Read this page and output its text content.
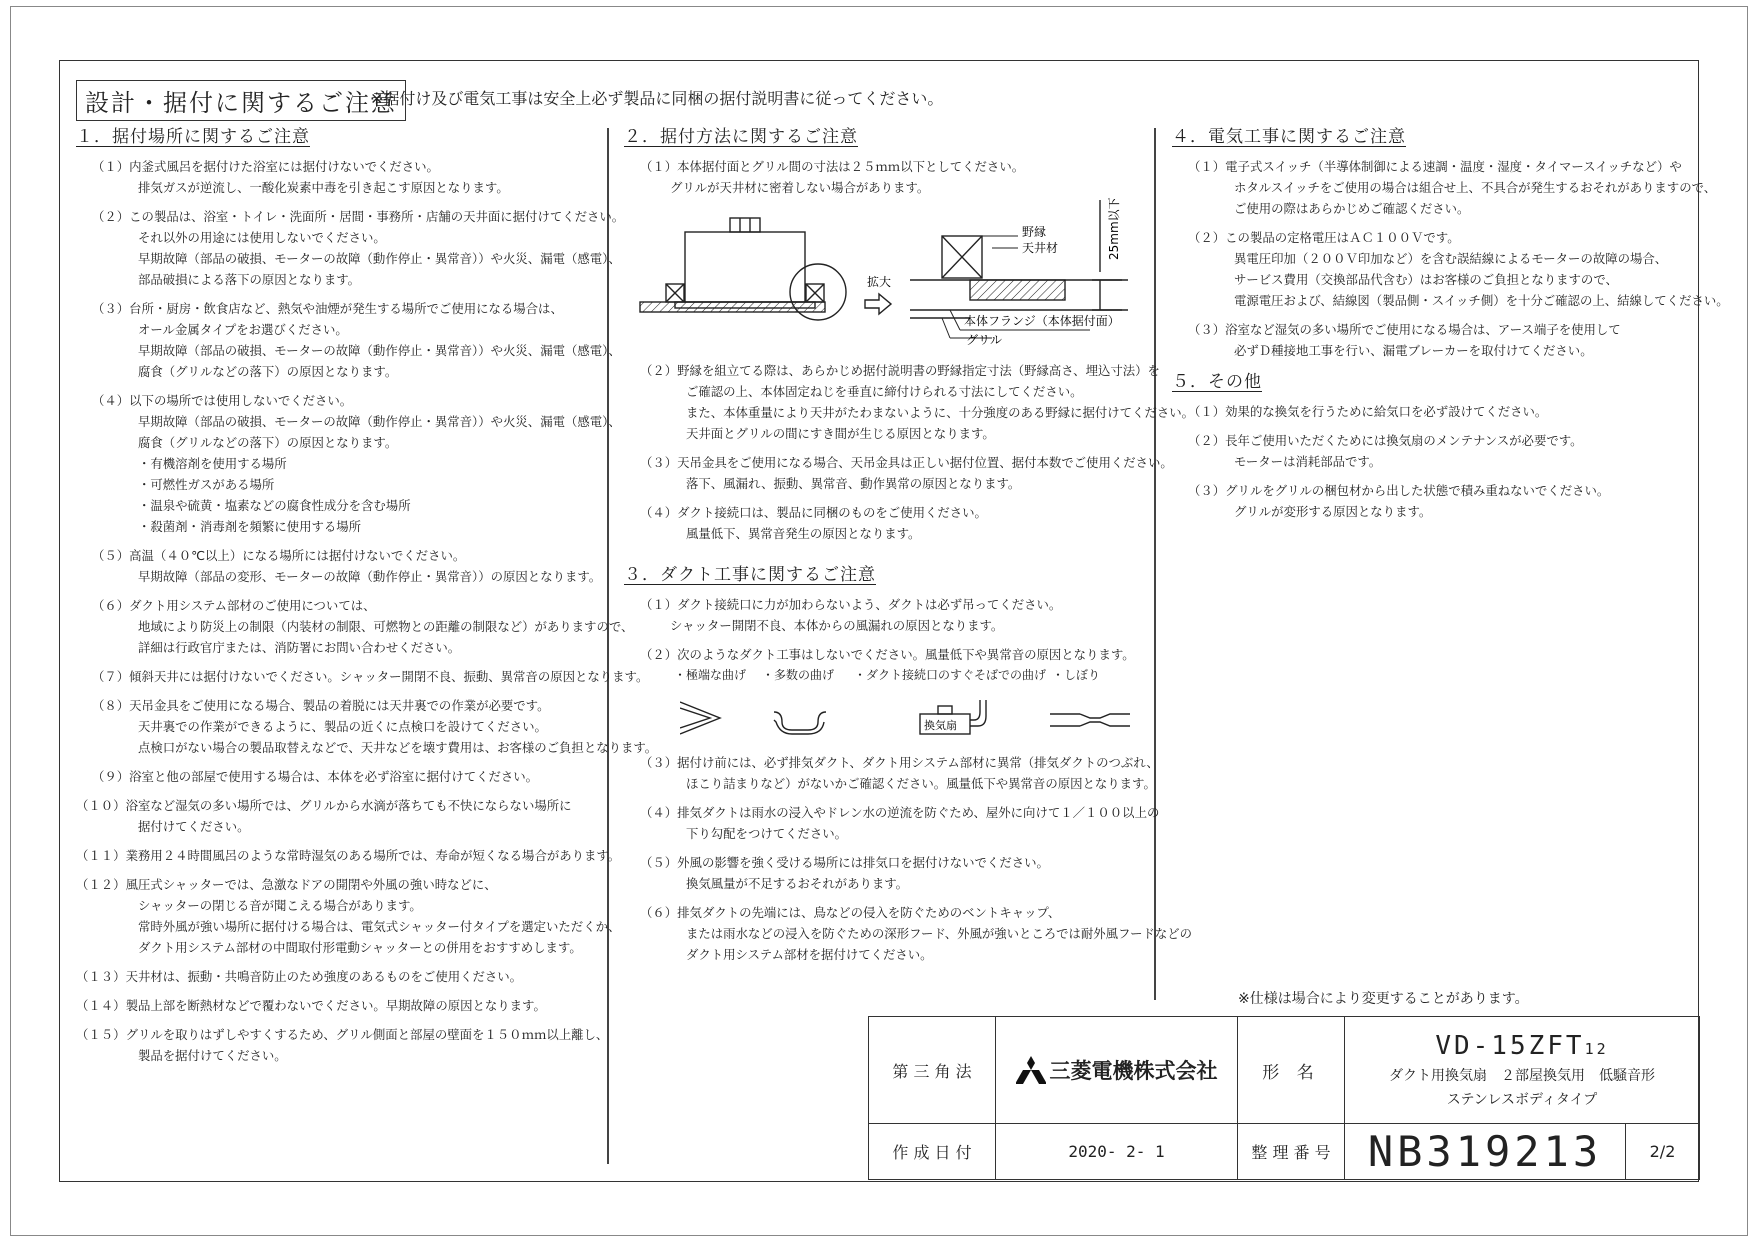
設計・据付に関するご注意
※据付け及び電気工事は安全上必ず製品に同梱の据付説明書に従ってください。
１．据付場所に関するご注意
（１）内釜式風呂を据付けた浴室には据付けないでください。
排気ガスが逆流し、一酸化炭素中毒を引き起こす原因となります。
（２）この製品は、浴室・トイレ・洗面所・居間・事務所・店舗の天井面に据付けてください。
それ以外の用途には使用しないでください。
早期故障（部品の破損、モーターの故障（動作停止・異常音））や火災、漏電（感電）、
部品破損による落下の原因となります。
（３）台所・厨房・飲食店など、熱気や油煙が発生する場所でご使用になる場合は、
オール金属タイプをお選びください。
早期故障（部品の破損、モーターの故障（動作停止・異常音））や火災、漏電（感電）、
腐食（グリルなどの落下）の原因となります。
（４）以下の場所では使用しないでください。
早期故障（部品の破損、モーターの故障（動作停止・異常音））や火災、漏電（感電）、
腐食（グリルなどの落下）の原因となります。
・有機溶剤を使用する場所
・可燃性ガスがある場所
・温泉や硫黄・塩素などの腐食性成分を含む場所
・殺菌剤・消毒剤を頻繁に使用する場所
（５）高温（４０℃以上）になる場所には据付けないでください。
早期故障（部品の変形、モーターの故障（動作停止・異常音））の原因となります。
（６）ダクト用システム部材のご使用については、
地域により防災上の制限（内装材の制限、可燃物との距離の制限など）がありますので、
詳細は行政官庁または、消防署にお問い合わせください。
（７）傾斜天井には据付けないでください。シャッター開閉不良、振動、異常音の原因となります。
（８）天吊金具をご使用になる場合、製品の着脱には天井裏での作業が必要です。
天井裏での作業ができるように、製品の近くに点検口を設けてください。
点検口がない場合の製品取替えなどで、天井などを壊す費用は、お客様のご負担となります。
（９）浴室と他の部屋で使用する場合は、本体を必ず浴室に据付けてください。
（１０）浴室など湿気の多い場所では、グリルから水滴が落ちても不快にならない場所に
据付けてください。
（１１）業務用２４時間風呂のような常時湿気のある場所では、寿命が短くなる場合があります。
（１２）風圧式シャッターでは、急激なドアの開閉や外風の強い時などに、
シャッターの閉じる音が聞こえる場合があります。
常時外風が強い場所に据付ける場合は、電気式シャッター付タイプを選定いただくか、
ダクト用システム部材の中間取付形電動シャッターとの併用をおすすめします。
（１３）天井材は、振動・共鳴音防止のため強度のあるものをご使用ください。
（１４）製品上部を断熱材などで覆わないでください。早期故障の原因となります。
（１５）グリルを取りはずしやすくするため、グリル側面と部屋の壁面を１５０ｍｍ以上離し、
製品を据付けてください。
２．据付方法に関するご注意
（１）本体据付面とグリル間の寸法は２５ｍｍ以下としてください。
グリルが天井材に密着しない場合があります。
拡大
野縁
天井材	25mm以下
本体フランジ（本体据付面）
グリル
（２）野縁を組立てる際は、あらかじめ据付説明書の野縁指定寸法（野縁高さ、埋込寸法）を
ご確認の上、本体固定ねじを垂直に締付けられる寸法にしてください。
また、本体重量により天井がたわまないように、十分強度のある野縁に据付けてください。
天井面とグリルの間にすき間が生じる原因となります。
（３）天吊金具をご使用になる場合、天吊金具は正しい据付位置、据付本数でご使用ください。
落下、風漏れ、振動、異常音、動作異常の原因となります。
（４）ダクト接続口は、製品に同梱のものをご使用ください。
風量低下、異常音発生の原因となります。
３．ダクト工事に関するご注意
（１）ダクト接続口に力が加わらないよう、ダクトは必ず吊ってください。
シャッター開閉不良、本体からの風漏れの原因となります。
（２）次のようなダクト工事はしないでください。風量低下や異常音の原因となります。
・極端な曲げ ・多数の曲げ ・ダクト接続口のすぐそばでの曲げ ・しぼり
換気扇
（３）据付け前には、必ず排気ダクト、ダクト用システム部材に異常（排気ダクトのつぶれ、
ほこり詰まりなど）がないかご確認ください。風量低下や異常音の原因となります。
（４）排気ダクトは雨水の浸入やドレン水の逆流を防ぐため、屋外に向けて１／１００以上の
下り勾配をつけてください。
（５）外風の影響を強く受ける場所には排気口を据付けないでください。
換気風量が不足するおそれがあります。
（６）排気ダクトの先端には、鳥などの侵入を防ぐためのベントキャップ、
または雨水などの浸入を防ぐための深形フード、外風が強いところでは耐外風フードなどの
ダクト用システム部材を据付けてください。
４．電気工事に関するご注意
（１）電子式スイッチ（半導体制御による速調・温度・湿度・タイマースイッチなど）や
ホタルスイッチをご使用の場合は組合せ上、不具合が発生するおそれがありますので、
ご使用の際はあらかじめご確認ください。
（２）この製品の定格電圧はＡＣ１００Ｖです。
異電圧印加（２００Ｖ印加など）を含む誤結線によるモーターの故障の場合、
サービス費用（交換部品代含む）はお客様のご負担となりますので、
電源電圧および、結線図（製品側・スイッチ側）を十分ご確認の上、結線してください。
（３）浴室など湿気の多い場所でご使用になる場合は、アース端子を使用して
必ずＤ種接地工事を行い、漏電ブレーカーを取付けてください。
５．その他
（１）効果的な換気を行うために給気口を必ず設けてください。
（２）長年ご使用いただくためには換気扇のメンテナンスが必要です。
モーターは消耗部品です。
（３）グリルをグリルの梱包材から出した状態で積み重ねないでください。
グリルが変形する原因となります。
※仕様は場合により変更することがあります。
第 三 角 法	三菱電機株式会社	形 名
VD-15ZFT12
ダクト用換気扇　２部屋換気用　低騒音形
ステンレスボディタイプ
作 成 日 付	2020- 2- 1	整 理 番 号 NB319213	2/2
